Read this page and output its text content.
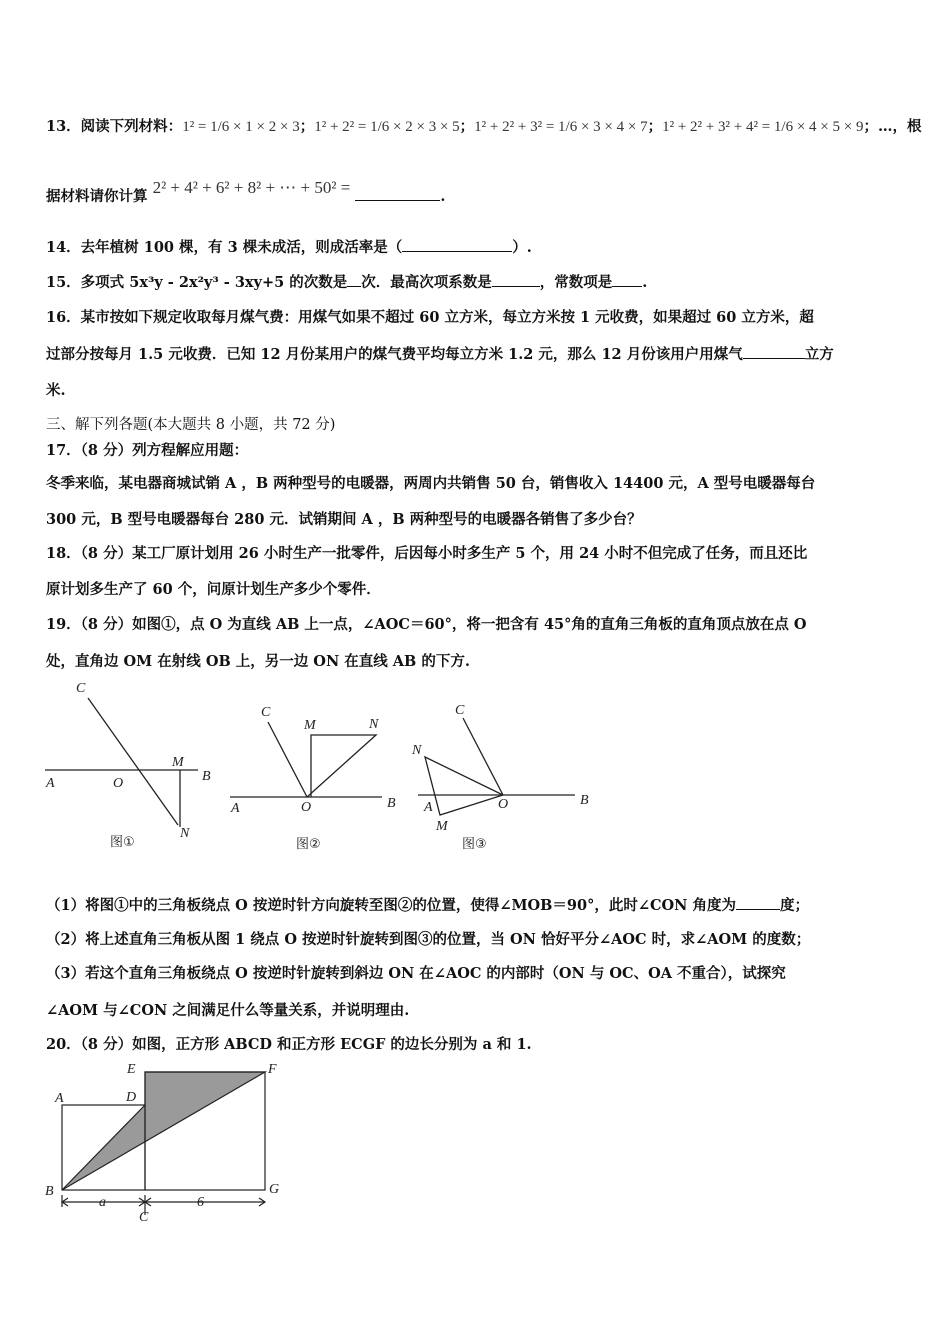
13．阅读下列材料：1² = 1/6 × 1 × 2 × 3；1² + 2² = 1/6 × 2 × 3 × 5；1² + 2² + 3² = 1/6 × 3 × 4 × 7；1² + 2² + 3² + 4² = 1/6 × 4 × 5 × 9；…，根
据材料请你计算 2² + 4² + 6² + 8² + ⋯ + 50² =	.
14．去年植树 100 棵，有 3 棵未成活，则成活率是（	）.
15．多项式 5x³y - 2x²y³ - 3xy+5 的次数是 次．最高次项系数是	，常数项是 .
16．某市按如下规定收取每月煤气费：用煤气如果不超过 60 立方米，每立方米按 1 元收费，如果超过 60 立方米，超
过部分按每月 1.5 元收费．已知 12 月份某用户的煤气费平均每立方米 1.2 元，那么 12 月份该用户用煤气	立方
米.
三、解下列各题(本大题共 8 小题，共 72 分)
17．（8 分）列方程解应用题：
冬季来临，某电器商城试销 A ，B 两种型号的电暖器，两周内共销售 50 台，销售收入 14400 元，A 型号电暖器每台
300 元，B 型号电暖器每台 280 元．试销期间 A ，B 两种型号的电暖器各销售了多少台？
18．（8 分）某工厂原计划用 26 小时生产一批零件，后因每小时多生产 5 个，用 24 小时不但完成了任务，而且还比
原计划多生产了 60 个，问原计划生产多少个零件．
19．（8 分）如图①，点 O 为直线 AB 上一点，∠AOC＝60°，将一把含有 45°角的直角三角板的直角顶点放在点 O
处，直角边 OM 在射线 OB 上，另一边 ON 在直线 AB 的下方.
C
A	O
M
B
N
图①
C
M	N
A	O	B
图②
N
C
A
M
O	B
图③
（1）将图①中的三角板绕点 O 按逆时针方向旋转至图②的位置，使得∠MOB＝90°，此时∠CON 角度为	度；
（2）将上述直角三角板从图 1 绕点 O 按逆时针旋转到图③的位置，当 ON 恰好平分∠AOC 时，求∠AOM 的度数；
（3）若这个直角三角板绕点 O 按逆时针旋转到斜边 ON 在∠AOC 的内部时（ON 与 OC、OA 不重合），试探究
∠AOM 与∠CON 之间满足什么等量关系，并说明理由.
20．（8 分）如图，正方形 ABCD 和正方形 ECGF 的边长分别为 a 和 1.
A	D
E	F
B	G
C
a	6
